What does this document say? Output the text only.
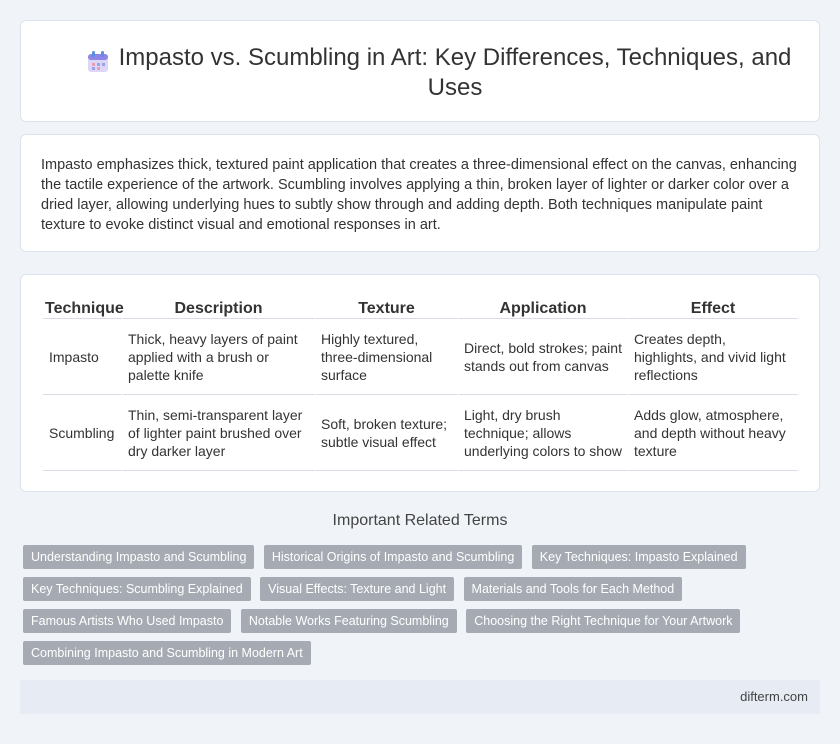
Impasto vs. Scumbling in Art: Key Differences, Techniques, and Uses

Impasto emphasizes thick, textured paint application that creates a three-dimensional effect on the canvas, enhancing the tactile experience of the artwork. Scumbling involves applying a thin, broken layer of lighter or darker color over a dried layer, allowing underlying hues to subtly show through and adding depth. Both techniques manipulate paint texture to evoke distinct visual and emotional responses in art.

Technique	Description	Texture	Application	Effect
Impasto	Thick, heavy layers of paint applied with a brush or palette knife	Highly textured, three-dimensional surface	Direct, bold strokes; paint stands out from canvas	Creates depth, highlights, and vivid light reflections
Scumbling	Thin, semi-transparent layer of lighter paint brushed over dry darker layer	Soft, broken texture; subtle visual effect	Light, dry brush technique; allows underlying colors to show	Adds glow, atmosphere, and depth without heavy texture
Important Related Terms
Understanding Impasto and Scumbling Historical Origins of Impasto and Scumbling Key Techniques: Impasto Explained Key Techniques: Scumbling Explained Visual Effects: Texture and Light Materials and Tools for Each Method Famous Artists Who Used Impasto Notable Works Featuring Scumbling Choosing the Right Technique for Your Artwork Combining Impasto and Scumbling in Modern Art
difterm.com
